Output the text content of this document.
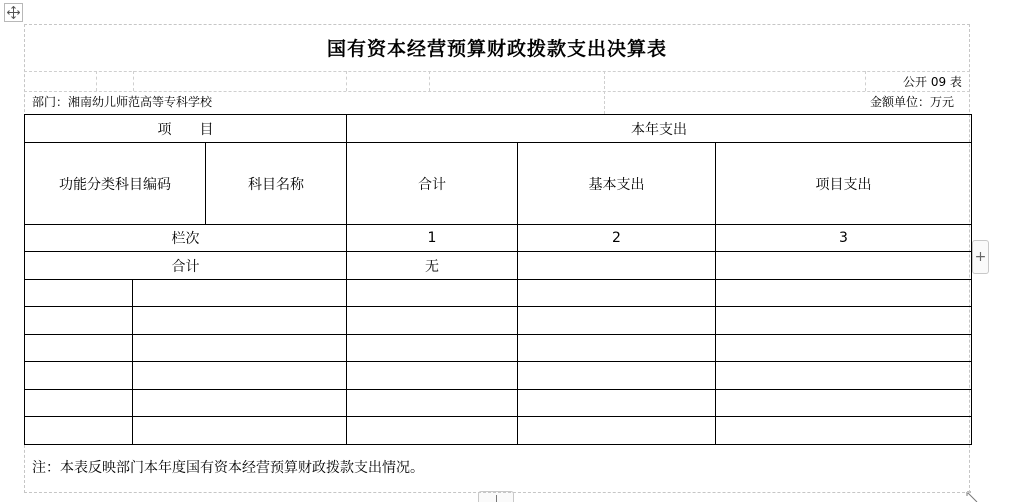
+
国有资本经营预算财政拨款支出决算表
公开 09 表
部门：湘南幼儿师范高等专科学校	金额单位：万元
项　　目			本年支出		
功能分类科目编码		科目名称	合计	基本支出	项目支出
栏次			1	2	3
合计			无		

注：本表反映部门本年度国有资本经营预算财政拨款支出情况。
